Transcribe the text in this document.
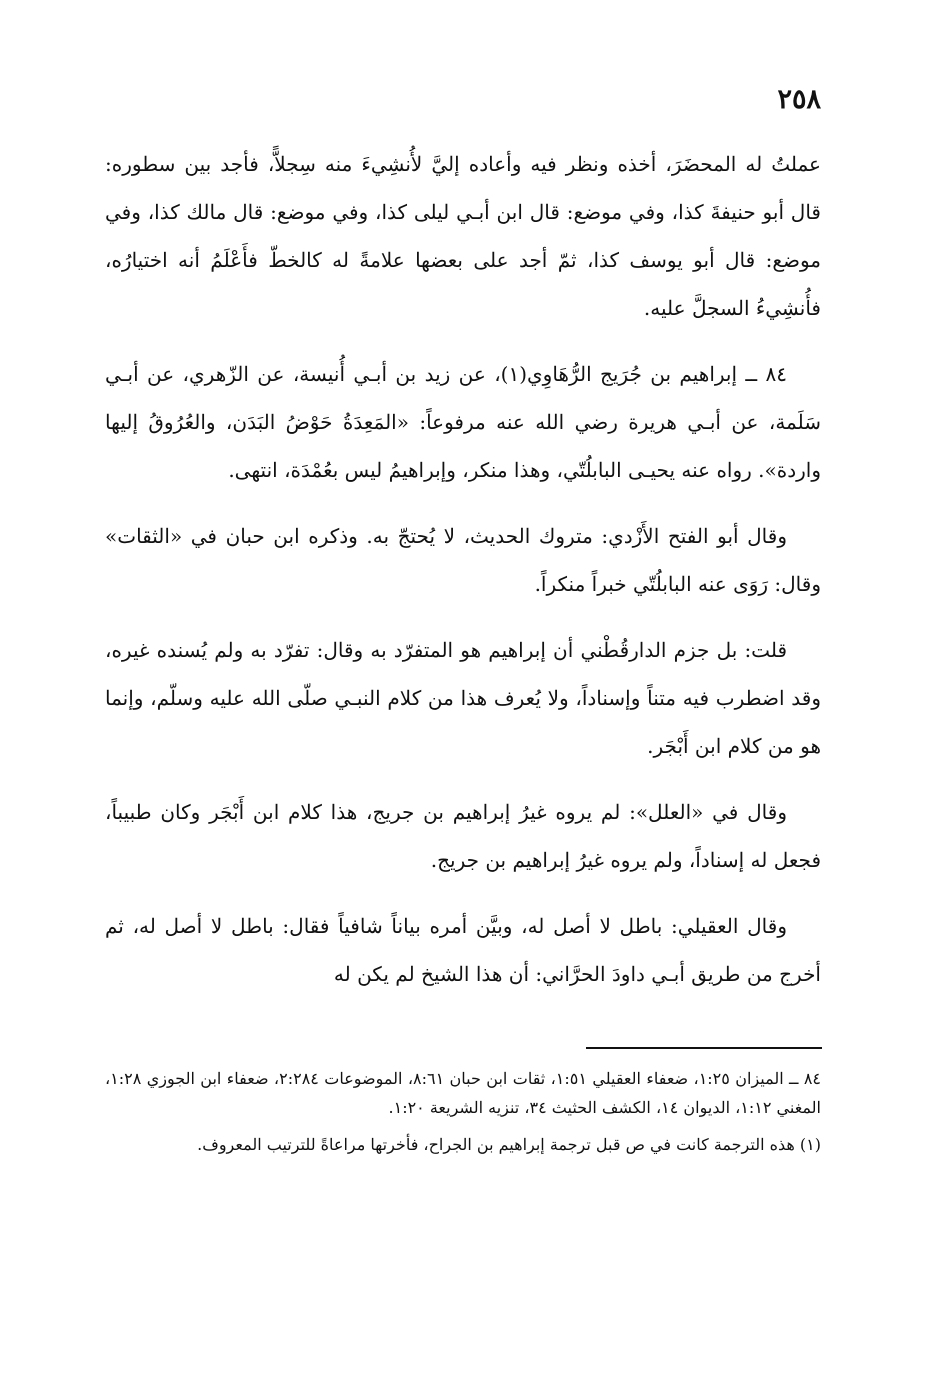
٢٥٨

عملتُ له المحضَرَ، أخذه ونظر فيه وأعاده إليَّ لأُنشِيءَ منه سِجلاًّ، فأجد بين سطوره: قال أبو حنيفةَ كذا، وفي موضع: قال ابن أبـي ليلى كذا، وفي موضع: قال مالك كذا، وفي موضع: قال أبو يوسف كذا، ثمّ أجد على بعضها علامةً له كالخطّ فأَعْلَمُ أنه اختيارُه، فأُنشِيءُ السجلَّ عليه.

٨٤ ــ إبراهيم بن جُرَيج الرُّهَاوِي(١)، عن زيد بن أبـي أُنيسة، عن الزّهري، عن أبـي سَلَمة، عن أبـي هريرة رضي الله عنه مرفوعاً: «المَعِدَةُ حَوْضُ البَدَن، والعُرُوقُ إليها واردة». رواه عنه يحيـى البابلُتّي، وهذا منكر، وإبراهيمُ ليس بعُمْدَة، انتهى.

وقال أبو الفتح الأَزْدي: متروك الحديث، لا يُحتجّ به. وذكره ابن حبان في «الثقات» وقال: رَوَى عنه البابلُتّي خبراً منكراً.

قلت: بل جزم الدارقُطْني أن إبراهيم هو المتفرّد به وقال: تفرّد به ولم يُسنده غيره، وقد اضطرب فيه متناً وإسناداً، ولا يُعرف هذا من كلام النبـي صلّى الله عليه وسلّم، وإنما هو من كلام ابن أَبْجَر.

وقال في «العلل»: لم يروه غيرُ إبراهيم بن جريج، هذا كلام ابن أَبْجَر وكان طبيباً، فجعل له إسناداً، ولم يروه غيرُ إبراهيم بن جريج.

وقال العقيلي: باطل لا أصل له، وبيَّن أمره بياناً شافياً فقال: باطل لا أصل له، ثم أخرج من طريق أبـي داودَ الحرَّاني: أن هذا الشيخ لم يكن له

٨٤ ــ الميزان ١:٢٥، ضعفاء العقيلي ١:٥١، ثقات ابن حبان ٨:٦١، الموضوعات ٢:٢٨٤، ضعفاء ابن الجوزي ١:٢٨، المغني ١:١٢، الديوان ١٤، الكشف الحثيث ٣٤، تنزيه الشريعة ١:٢٠.

(١) هذه الترجمة كانت في ص قبل ترجمة إبراهيم بن الجراح، فأخرتها مراعاةً للترتيب المعروف.
